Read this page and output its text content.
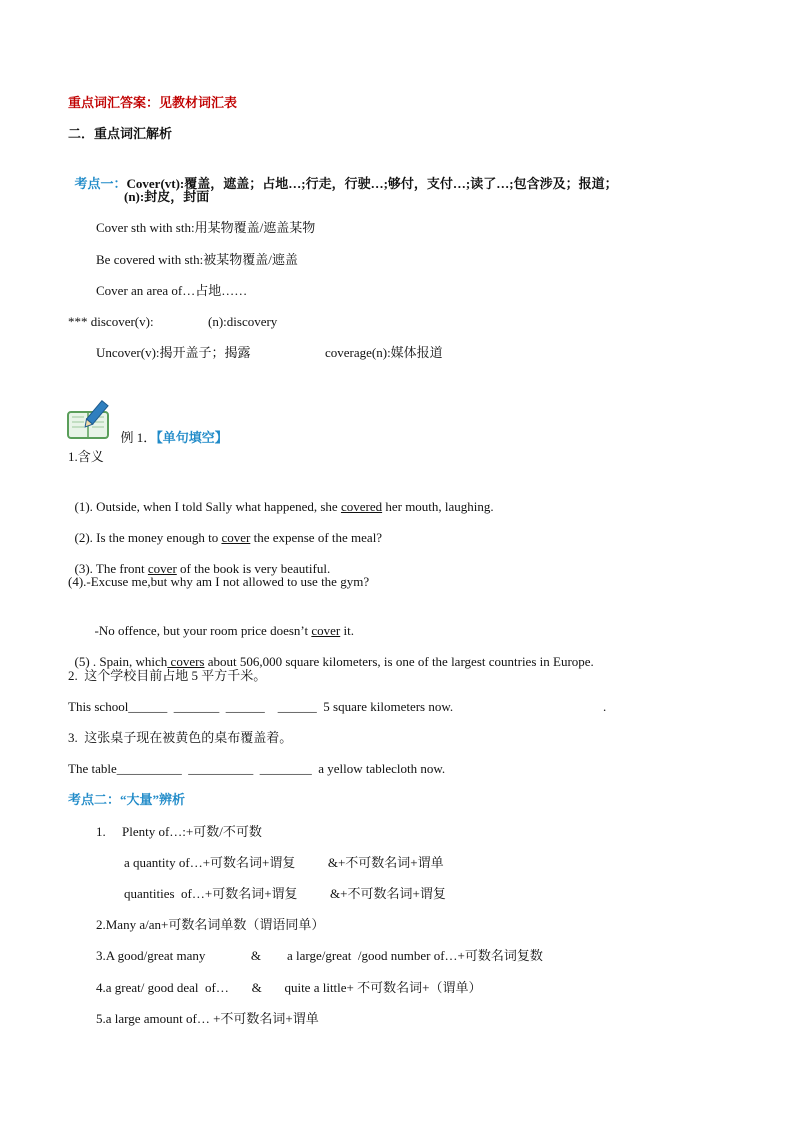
重点词汇答案：见教材词汇表
二．重点词汇解析

考点一：Cover(vt):覆盖，遮盖；占地…;行走，行驶…;够付，支付…;读了…;包含涉及；报道；

(n):封皮，封面
Cover sth with sth:用某物覆盖/遮盖某物
Be covered with sth:被某物覆盖/遮盖
Cover an area of…占地……
*** discover(v):	(n):discovery
Uncover(v):揭开盖子；揭露	coverage(n):媒体报道

例 1．【单句填空】

1.含义

(1). Outside, when I told Sally what happened, she covered her mouth, laughing.

(2). Is the money enough to cover the expense of the meal?

(3). The front cover of the book is very beautiful.

(4).-Excuse me,but why am I not allowed to use the gym?

-No offence, but your room price doesn’t cover it.

(5) . Spain, which covers about 506,000 square kilometers, is one of the largest countries in Europe.

2.  这个学校目前占地 5 平方千米。
This school______  _______  ______    ______  5 square kilometers now.	.
3.  这张桌子现在被黄色的桌布覆盖着。
The table__________  __________  ________  a yellow tablecloth now.
考点二：“大量”辨析
1.     Plenty of…:+可数/不可数
a quantity of…+可数名词+谓复          &+不可数名词+谓单
quantities  of…+可数名词+谓复          &+不可数名词+谓复
2.Many a/an+可数名词单数（谓语同单）
3.A good/great many              &        a large/great  /good number of…+可数名词复数
4.a great/ good deal  of…       &       quite a little+ 不可数名词+（谓单）
5.a large amount of… +不可数名词+谓单
